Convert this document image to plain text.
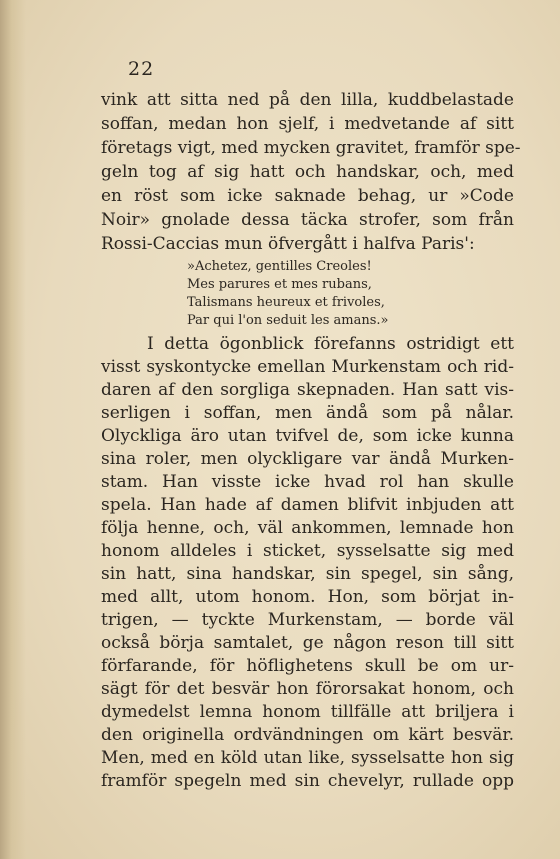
22
vink att sitta ned på den lilla, kuddbelastade
soffan, medan hon sjelf, i medvetande af sitt
företags vigt, med mycken gravitet, framför spe-
geln tog af sig hatt och handskar, och, med
en röst som icke saknade behag, ur »Code
Noir» gnolade dessa täcka strofer, som från
Rossi-Caccias mun öfvergått i halfva Paris':
»Achetez, gentilles Creoles!
Mes parures et mes rubans,
Talismans heureux et frivoles,
Par qui l'on seduit les amans.»
I detta ögonblick förefanns ostridigt ett
visst syskontycke emellan Murkenstam och rid-
daren af den sorgliga skepnaden. Han satt vis-
serligen i soffan, men ändå som på nålar.
Olyckliga äro utan tvifvel de, som icke kunna
sina roler, men olyckligare var ändå Murken-
stam. Han visste icke hvad rol han skulle
spela. Han hade af damen blifvit inbjuden att
följa henne, och, väl ankommen, lemnade hon
honom alldeles i sticket, sysselsatte sig med
sin hatt, sina handskar, sin spegel, sin sång,
med allt, utom honom. Hon, som börjat in-
trigen, — tyckte Murkenstam, — borde väl
också börja samtalet, ge någon reson till sitt
förfarande, för höflighetens skull be om ur-
sägt för det besvär hon förorsakat honom, och
dymedelst lemna honom tillfälle att briljera i
den originella ordvändningen om kärt besvär.
Men, med en köld utan like, sysselsatte hon sig
framför spegeln med sin chevelyr, rullade opp
